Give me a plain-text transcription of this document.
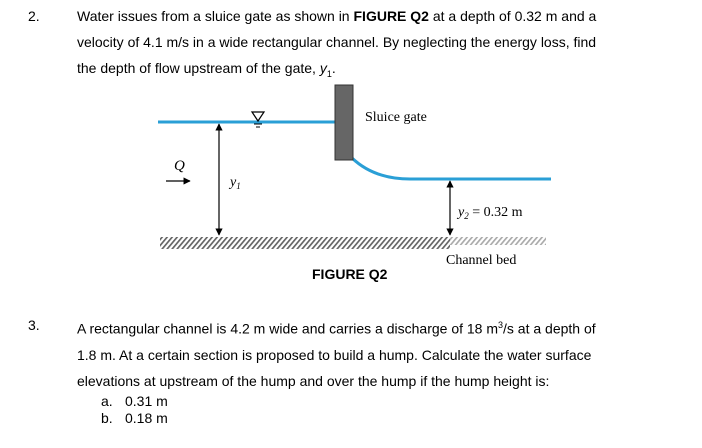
2.	Water issues from a sluice gate as shown in FIGURE Q2 at a depth of 0.32 m and a

velocity of 4.1 m/s in a wide rectangular channel. By neglecting the energy loss, find

the depth of flow upstream of the gate, $y_1$.

Sluice gate
Q
$y_1$
$y_2 = 0.32$ m
Channel bed
FIGURE Q2
3.	A rectangular channel is 4.2 m wide and carries a discharge of 18 $m^3/s$ at a depth of

1.8 m. At a certain section is proposed to build a hump. Calculate the water surface

elevations at upstream of the hump and over the hump if the hump height is:

a. 0.31 m
b. 0.18 m
